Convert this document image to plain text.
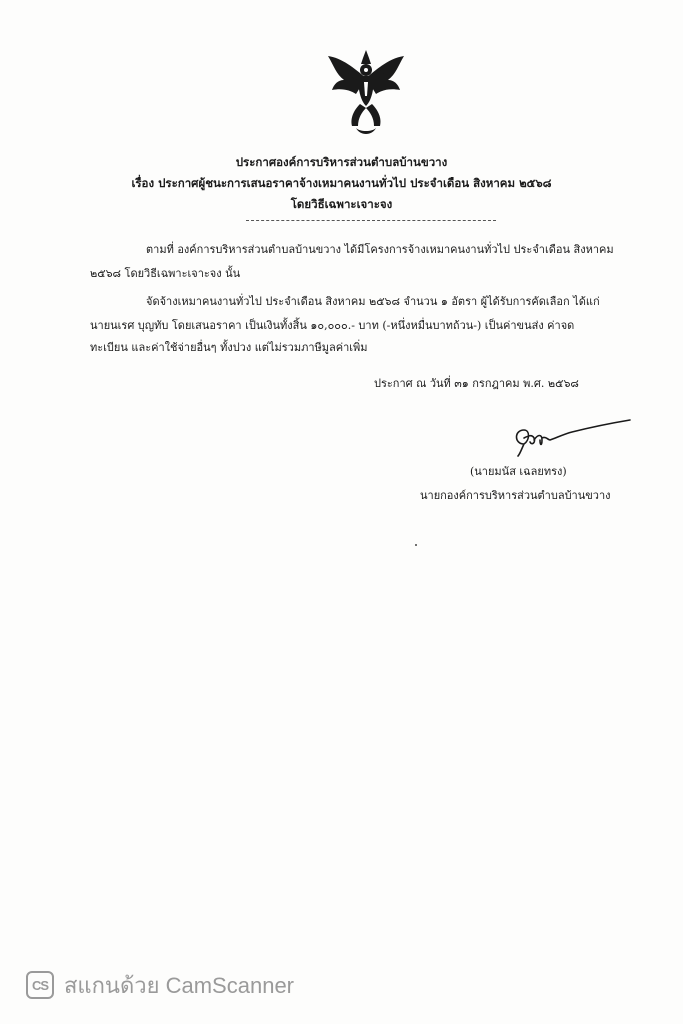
ประกาศองค์การบริหารส่วนตำบลบ้านขวาง
เรื่อง ประกาศผู้ชนะการเสนอราคาจ้างเหมาคนงานทั่วไป ประจำเดือน สิงหาคม ๒๕๖๘
โดยวิธีเฉพาะเจาะจง
ตามที่ องค์การบริหารส่วนตำบลบ้านขวาง ได้มีโครงการจ้างเหมาคนงานทั่วไป ประจำเดือน สิงหาคม
๒๕๖๘ โดยวิธีเฉพาะเจาะจง นั้น
จัดจ้างเหมาคนงานทั่วไป ประจำเดือน สิงหาคม ๒๕๖๘ จำนวน ๑ อัตรา ผู้ได้รับการคัดเลือก ได้แก่
นายนเรศ บุญทับ โดยเสนอราคา เป็นเงินทั้งสิ้น ๑๐,๐๐๐.- บาท (-หนึ่งหมื่นบาทถ้วน-) เป็นค่าขนส่ง ค่าจด
ทะเบียน และค่าใช้จ่ายอื่นๆ ทั้งปวง แต่ไม่รวมภาษีมูลค่าเพิ่ม
ประกาศ ณ วันที่ ๓๑ กรกฎาคม พ.ศ. ๒๕๖๘
(นายมนัส เฉลยทรง)
นายกองค์การบริหารส่วนตำบลบ้านขวาง
CS สแกนด้วย CamScanner
